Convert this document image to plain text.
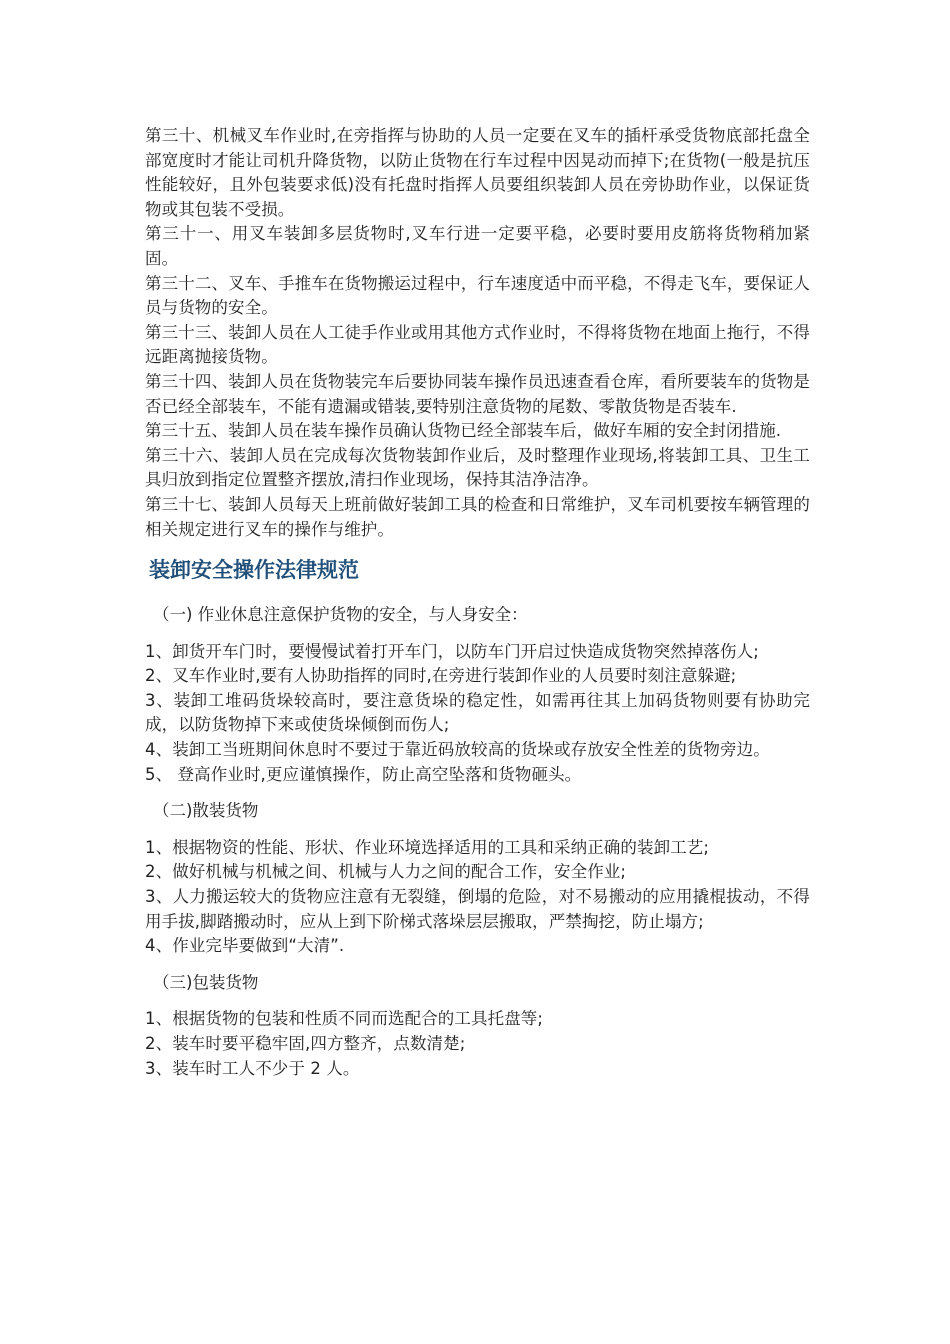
第三十、机械叉车作业时,在旁指挥与协助的人员一定要在叉车的插杆承受货物底部托盘全部宽度时才能让司机升降货物，以防止货物在行车过程中因晃动而掉下;在货物(一般是抗压性能较好，且外包装要求低)没有托盘时指挥人员要组织装卸人员在旁协助作业，以保证货物或其包装不受损。

第三十一、用叉车装卸多层货物时,叉车行进一定要平稳，必要时要用皮筋将货物稍加紧固。

第三十二、叉车、手推车在货物搬运过程中，行车速度适中而平稳，不得走飞车，要保证人员与货物的安全。

第三十三、装卸人员在人工徒手作业或用其他方式作业时，不得将货物在地面上拖行，不得远距离抛接货物。

第三十四、装卸人员在货物装完车后要协同装车操作员迅速查看仓库，看所要装车的货物是否已经全部装车，不能有遗漏或错装,要特别注意货物的尾数、零散货物是否装车.

第三十五、装卸人员在装车操作员确认货物已经全部装车后，做好车厢的安全封闭措施.

第三十六、装卸人员在完成每次货物装卸作业后，及时整理作业现场,将装卸工具、卫生工具归放到指定位置整齐摆放,清扫作业现场，保持其洁净洁净。

第三十七、装卸人员每天上班前做好装卸工具的检查和日常维护，叉车司机要按车辆管理的相关规定进行叉车的操作与维护。

装卸安全操作法律规范
（一) 作业休息注意保护货物的安全，与人身安全：

1、卸货开车门时，要慢慢试着打开车门，以防车门开启过快造成货物突然掉落伤人;

2、叉车作业时,要有人协助指挥的同时,在旁进行装卸作业的人员要时刻注意躲避;

3、装卸工堆码货垛较高时，要注意货垛的稳定性，如需再往其上加码货物则要有协助完成，以防货物掉下来或使货垛倾倒而伤人;

4、装卸工当班期间休息时不要过于靠近码放较高的货垛或存放安全性差的货物旁边。

5、 登高作业时,更应谨慎操作，防止高空坠落和货物砸头。

（二)散装货物

1、根据物资的性能、形状、作业环境选择适用的工具和采纳正确的装卸工艺;

2、做好机械与机械之间、机械与人力之间的配合工作，安全作业;

3、人力搬运较大的货物应注意有无裂缝，倒塌的危险，对不易搬动的应用撬棍拔动，不得用手拔,脚踏搬动时，应从上到下阶梯式落垛层层搬取，严禁掏挖，防止塌方;

4、作业完毕要做到“大清”.

（三)包装货物

1、根据货物的包装和性质不同而选配合的工具托盘等;

2、装车时要平稳牢固,四方整齐，点数清楚;

3、装车时工人不少于 2 人。
